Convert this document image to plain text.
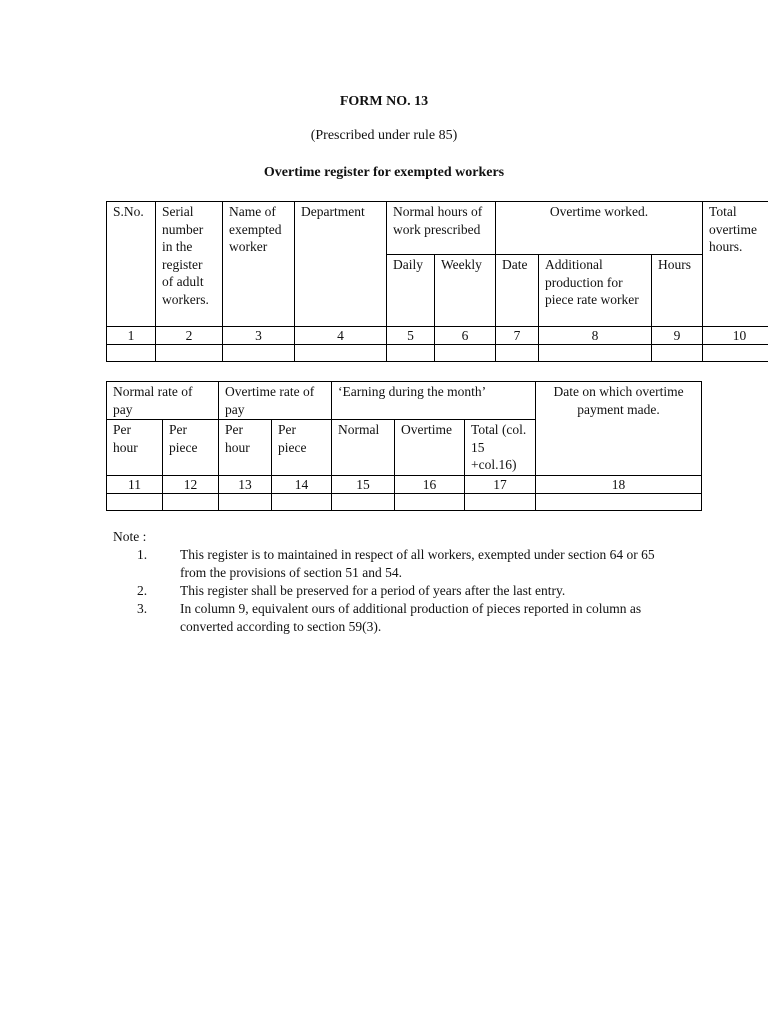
FORM NO. 13
(Prescribed under rule 85)
Overtime register for exempted workers
S.No.	Serial number in the register of adult workers.	Name of exempted worker	Department	Normal hours of work prescribed		Overtime worked.			Total overtime hours.
				Daily	Weekly	Date	Additional production for piece rate worker	Hours	
1	2	3	4	5	6	7	8	9	10

Normal rate of pay		Overtime rate of pay		‘Earning during the month’			Date on which overtime payment made.
Per hour	Per piece	Per hour	Per piece	Normal	Overtime	Total (col. 15 +col.16)	
11	12	13	14	15	16	17	18

Note :
1.	This register is to maintained in respect of all workers, exempted under section 64 or 65 from the provisions of section 51 and 54.
2.	This register shall be preserved for a period of years after the last entry.
3.	In column 9, equivalent ours of additional production of pieces reported in column as converted according to section 59(3).
